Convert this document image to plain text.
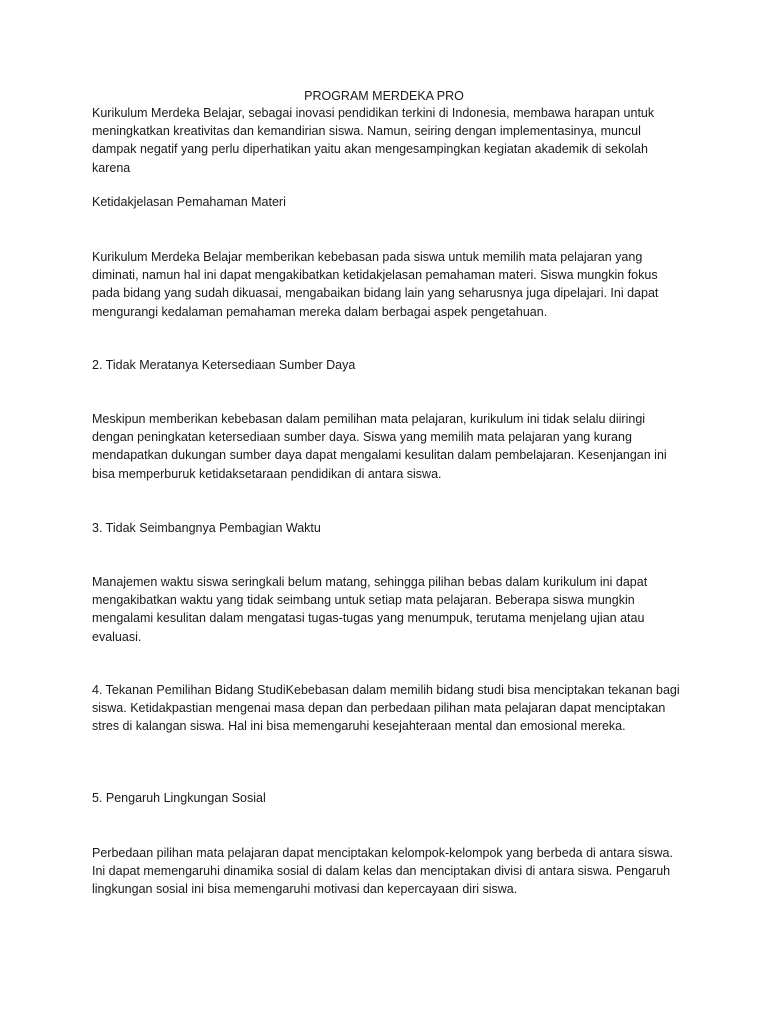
PROGRAM MERDEKA PRO

Kurikulum Merdeka Belajar, sebagai inovasi pendidikan terkini di Indonesia, membawa harapan untuk meningkatkan kreativitas dan kemandirian siswa. Namun, seiring dengan implementasinya, muncul dampak negatif yang perlu diperhatikan yaitu akan mengesampingkan kegiatan akademik di sekolah karena

Ketidakjelasan Pemahaman Materi

Kurikulum Merdeka Belajar memberikan kebebasan pada siswa untuk memilih mata pelajaran yang diminati, namun hal ini dapat mengakibatkan ketidakjelasan pemahaman materi. Siswa mungkin fokus pada bidang yang sudah dikuasai, mengabaikan bidang lain yang seharusnya juga dipelajari. Ini dapat mengurangi kedalaman pemahaman mereka dalam berbagai aspek pengetahuan.

2. Tidak Meratanya Ketersediaan Sumber Daya

Meskipun memberikan kebebasan dalam pemilihan mata pelajaran, kurikulum ini tidak selalu diiringi dengan peningkatan ketersediaan sumber daya. Siswa yang memilih mata pelajaran yang kurang mendapatkan dukungan sumber daya dapat mengalami kesulitan dalam pembelajaran. Kesenjangan ini bisa memperburuk ketidaksetaraan pendidikan di antara siswa.

3. Tidak Seimbangnya Pembagian Waktu

Manajemen waktu siswa seringkali belum matang, sehingga pilihan bebas dalam kurikulum ini dapat mengakibatkan waktu yang tidak seimbang untuk setiap mata pelajaran. Beberapa siswa mungkin mengalami kesulitan dalam mengatasi tugas-tugas yang menumpuk, terutama menjelang ujian atau evaluasi.

4. Tekanan Pemilihan Bidang StudiKebebasan dalam memilih bidang studi bisa menciptakan tekanan bagi siswa. Ketidakpastian mengenai masa depan dan perbedaan pilihan mata pelajaran dapat menciptakan stres di kalangan siswa. Hal ini bisa memengaruhi kesejahteraan mental dan emosional mereka.

5. Pengaruh Lingkungan Sosial

Perbedaan pilihan mata pelajaran dapat menciptakan kelompok-kelompok yang berbeda di antara siswa. Ini dapat memengaruhi dinamika sosial di dalam kelas dan menciptakan divisi di antara siswa. Pengaruh lingkungan sosial ini bisa memengaruhi motivasi dan kepercayaan diri siswa.
